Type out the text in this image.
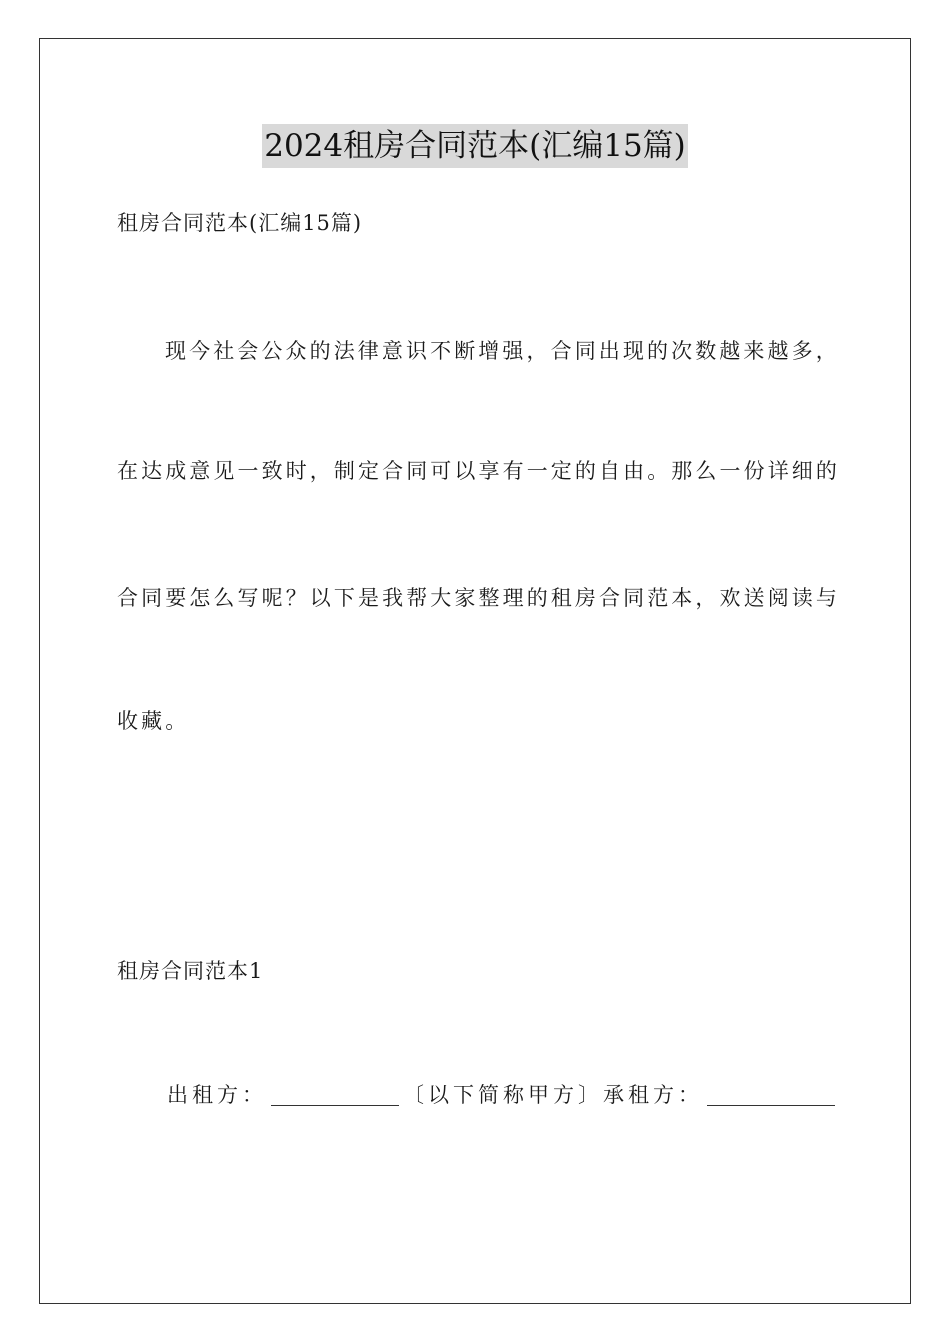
2024租房合同范本(汇编15篇)
租房合同范本(汇编15篇)
现今社会公众的法律意识不断增强，合同出现的次数越来越多，
在达成意见一致时，制定合同可以享有一定的自由。那么一份详细的
合同要怎么写呢？以下是我帮大家整理的租房合同范本，欢送阅读与
收藏。
租房合同范本1
出租方：	〔以下简称甲方〕承租方：
